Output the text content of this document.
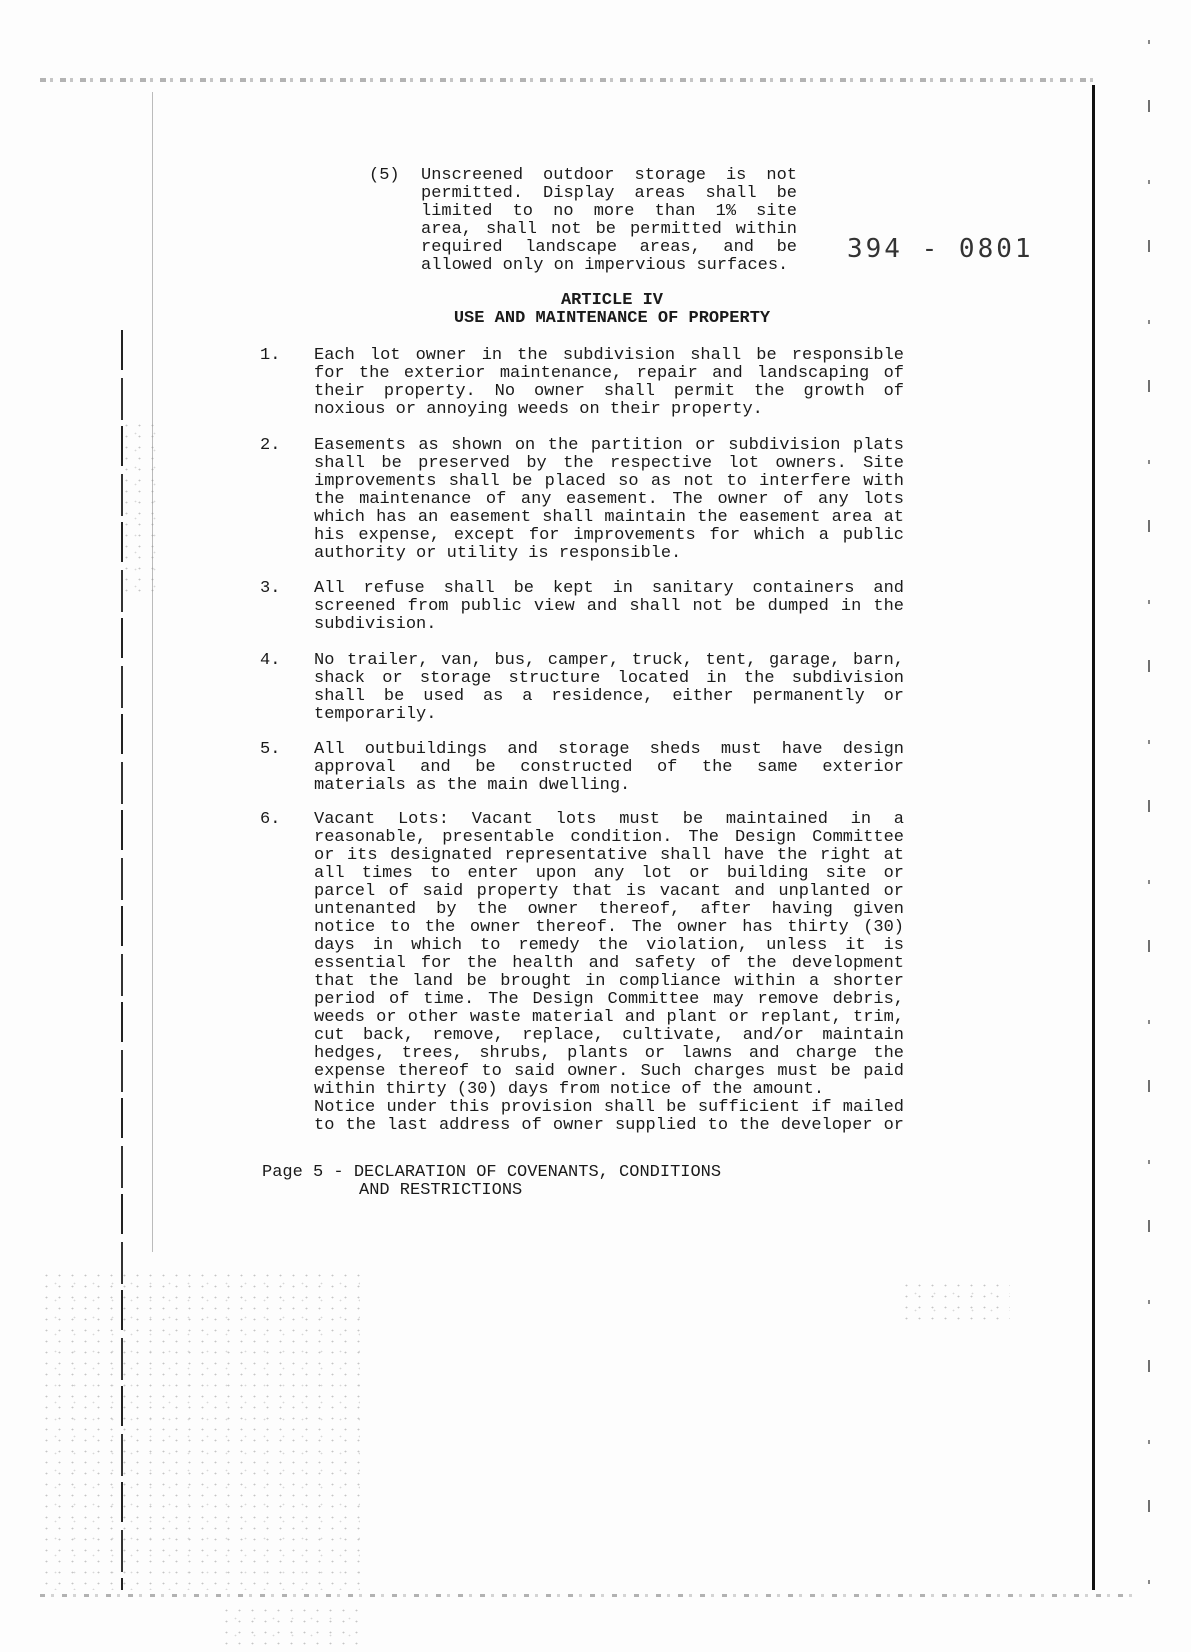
394 - 0801
(5) Unscreened outdoor storage is not
permitted. Display areas shall be
limited to no more than 1% site
area, shall not be permitted within
required landscape areas, and be
allowed only on impervious surfaces.
ARTICLE IV
USE AND MAINTENANCE OF PROPERTY
1. Each lot owner in the subdivision shall be responsible
for the exterior maintenance, repair and landscaping of
their property. No owner shall permit the growth of
noxious or annoying weeds on their property.
2. Easements as shown on the partition or subdivision plats
shall be preserved by the respective lot owners. Site
improvements shall be placed so as not to interfere with
the maintenance of any easement. The owner of any lots
which has an easement shall maintain the easement area at
his expense, except for improvements for which a public
authority or utility is responsible.
3. All refuse shall be kept in sanitary containers and
screened from public view and shall not be dumped in the
subdivision.
4. No trailer, van, bus, camper, truck, tent, garage, barn,
shack or storage structure located in the subdivision
shall be used as a residence, either permanently or
temporarily.
5. All outbuildings and storage sheds must have design
approval and be constructed of the same exterior
materials as the main dwelling.
6. Vacant Lots: Vacant lots must be maintained in a
reasonable, presentable condition. The Design Committee
or its designated representative shall have the right at
all times to enter upon any lot or building site or
parcel of said property that is vacant and unplanted or
untenanted by the owner thereof, after having given
notice to the owner thereof. The owner has thirty (30)
days in which to remedy the violation, unless it is
essential for the health and safety of the development
that the land be brought in compliance within a shorter
period of time. The Design Committee may remove debris,
weeds or other waste material and plant or replant, trim,
cut back, remove, replace, cultivate, and/or maintain
hedges, trees, shrubs, plants or lawns and charge the
expense thereof to said owner. Such charges must be paid
within thirty (30) days from notice of the amount.
Notice under this provision shall be sufficient if mailed
to the last address of owner supplied to the developer or
Page 5 - DECLARATION OF COVENANTS, CONDITIONS
AND RESTRICTIONS
